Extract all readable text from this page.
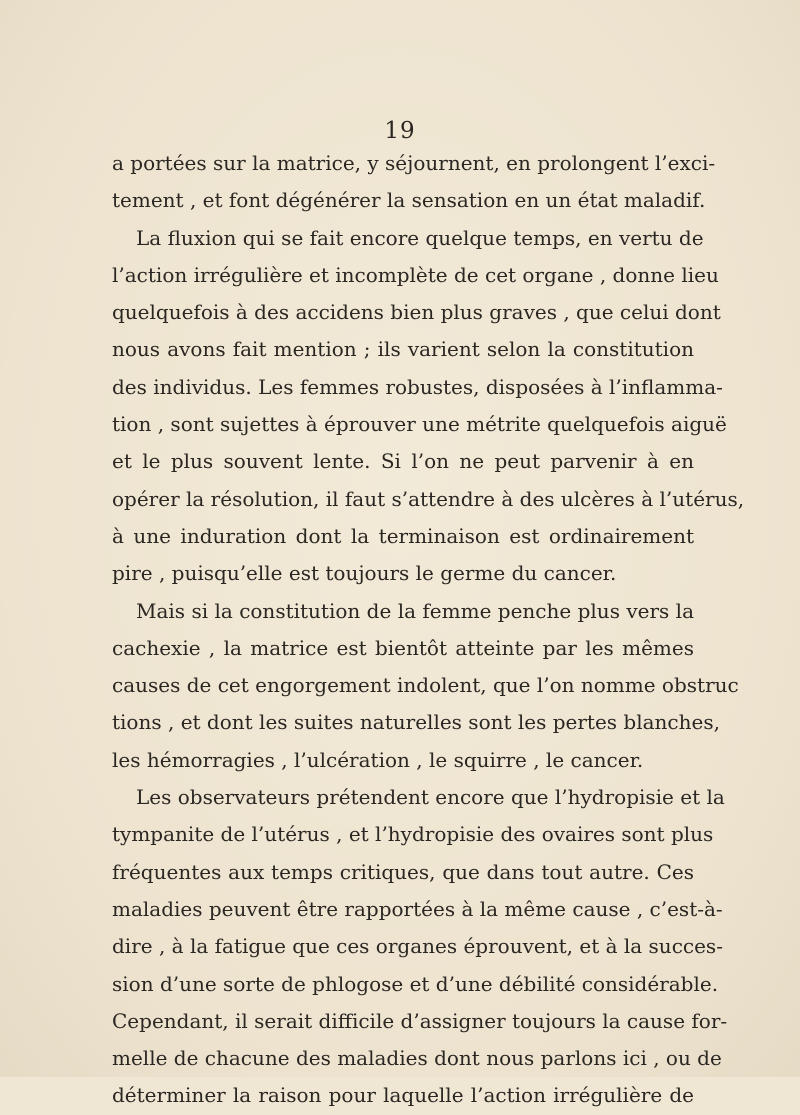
19
a portées sur la matrice, y séjournent, en prolongent l’exci-
tement , et font dégénérer la sensation en un état maladif.
La fluxion qui se fait encore quelque temps, en vertu de
l’action irrégulière et incomplète de cet organe , donne lieu
quelquefois à des accidens bien plus graves , que celui dont
nous avons fait mention ; ils varient selon la constitution
des individus. Les femmes robustes, disposées à l’inflamma-
tion , sont sujettes à éprouver une métrite quelquefois aiguë
et le plus souvent lente. Si l’on ne peut parvenir à en
opérer la résolution, il faut s’attendre à des ulcères à l’utérus,
à une induration dont la terminaison est ordinairement
pire , puisqu’elle est toujours le germe du cancer.
Mais si la constitution de la femme penche plus vers la
cachexie , la matrice est bientôt atteinte par les mêmes
causes de cet engorgement indolent, que l’on nomme obstruc
tions , et dont les suites naturelles sont les pertes blanches,
les hémorragies , l’ulcération , le squirre , le cancer.
Les observateurs prétendent encore que l’hydropisie et la
tympanite de l’utérus , et l’hydropisie des ovaires sont plus
fréquentes aux temps critiques, que dans tout autre. Ces
maladies peuvent être rapportées à la même cause , c’est-à-
dire , à la fatigue que ces organes éprouvent, et à la succes-
sion d’une sorte de phlogose et d’une débilité considérable.
Cependant, il serait difficile d’assigner toujours la cause for-
melle de chacune des maladies dont nous parlons ici , ou de
déterminer la raison pour laquelle l’action irrégulière de
